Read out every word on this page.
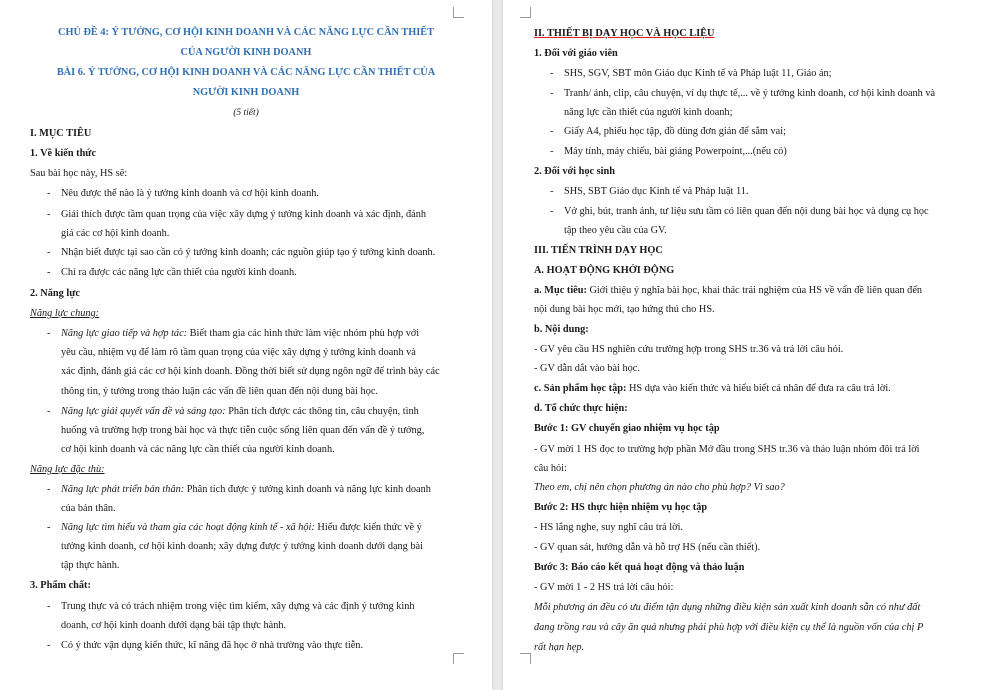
CHỦ ĐỀ 4: Ý TƯỞNG, CƠ HỘI KINH DOANH VÀ CÁC NĂNG LỰC CẦN THIẾT
CỦA NGƯỜI KINH DOANH
BÀI 6. Ý TƯỞNG, CƠ HỘI KINH DOANH VÀ CÁC NĂNG LỰC CẦN THIẾT CỦA
NGƯỜI KINH DOANH
(5 tiết)
I. MỤC TIÊU
1. Về kiến thức
Sau bài học này, HS sẽ:
- Nêu được thế nào là ý tưởng kinh doanh và cơ hội kinh doanh.
- Giải thích được tầm quan trọng của việc xây dựng ý tưởng kinh doanh và xác định, đánh
giá các cơ hội kinh doanh.
- Nhận biết được tại sao cần có ý tưởng kinh doanh; các nguồn giúp tạo ý tưởng kinh doanh.
- Chỉ ra được các năng lực cần thiết của người kinh doanh.
2. Năng lực
Năng lực chung:
- Năng lực giao tiếp và hợp tác: Biết tham gia các hình thức làm việc nhóm phù hợp với
yêu cầu, nhiệm vụ để làm rõ tầm quan trọng của việc xây dựng ý tưởng kinh doanh và
xác định, đánh giá các cơ hội kinh doanh. Đồng thời biết sử dụng ngôn ngữ để trình bày các
thông tin, ý tưởng trong thảo luận các vấn đề liên quan đến nội dung bài học.
- Năng lực giải quyết vấn đề và sáng tạo: Phân tích được các thông tin, câu chuyện, tình
huống và trường hợp trong bài học và thực tiễn cuộc sống liên quan đến vấn đề ý tưởng,
cơ hội kinh doanh và các năng lực cần thiết của người kinh doanh.
Năng lực đặc thù:
- Năng lực phát triển bản thân: Phân tích được ý tưởng kinh doanh và năng lực kinh doanh
của bản thân.
- Năng lực tìm hiểu và tham gia các hoạt động kinh tế - xã hội: Hiểu được kiến thức về ý
tưởng kinh doanh, cơ hội kinh doanh; xây dựng được ý tưởng kinh doanh dưới dạng bài
tập thực hành.
3. Phẩm chất:
- Trung thực và có trách nhiệm trong việc tìm kiếm, xây dựng và các định ý tưởng kinh
doanh, cơ hội kinh doanh dưới dạng bài tập thực hành.
- Có ý thức vận dụng kiến thức, kĩ năng đã học ở nhà trường vào thực tiễn.
II. THIẾT BỊ DẠY HỌC VÀ HỌC LIỆU
1. Đối với giáo viên
- SHS, SGV, SBT môn Giáo dục Kinh tế và Pháp luật 11, Giáo án;
- Tranh/ ảnh, clip, câu chuyện, ví dụ thực tế,... về ý tưởng kinh doanh, cơ hội kinh doanh và
năng lực cần thiết của người kinh doanh;
- Giấy A4, phiếu học tập, đồ dùng đơn giản để sắm vai;
- Máy tính, máy chiếu, bài giảng Powerpoint,...(nếu có)
2. Đối với học sinh
- SHS, SBT Giáo dục Kinh tế và Pháp luật 11.
- Vở ghi, bút, tranh ảnh, tư liệu sưu tầm có liên quan đến nội dung bài học và dụng cụ học
tập theo yêu cầu của GV.
III. TIẾN TRÌNH DẠY HỌC
A. HOẠT ĐỘNG KHỞI ĐỘNG
a. Mục tiêu: Giới thiệu ý nghĩa bài học, khai thác trải nghiệm của HS về vấn đề liên quan đến
nội dung bài học mới, tạo hứng thú cho HS.
b. Nội dung:
- GV yêu cầu HS nghiên cứu trường hợp trong SHS tr.36 và trả lời câu hỏi.
- GV dẫn dắt vào bài học.
c. Sản phẩm học tập: HS dựa vào kiến thức và hiểu biết cá nhân để đưa ra câu trả lời.
d. Tổ chức thực hiện:
Bước 1: GV chuyển giao nhiệm vụ học tập
- GV mời 1 HS đọc to trường hợp phần Mở đầu trong SHS tr.36 và thảo luận nhóm đôi trả lời
câu hỏi:
Theo em, chị nên chọn phương án nào cho phù hợp? Vì sao?
Bước 2: HS thực hiện nhiệm vụ học tập
- HS lắng nghe, suy nghĩ câu trả lời.
- GV quan sát, hướng dẫn và hỗ trợ HS (nếu cần thiết).
Bước 3: Báo cáo kết quả hoạt động và thảo luận
- GV mời 1 - 2 HS trả lời câu hỏi:
Mỗi phương án đều có ưu điểm tận dụng những điều kiện sản xuất kinh doanh sẵn có như đất
đang trồng rau và cây ăn quả nhưng phải phù hợp với điều kiện cụ thể là nguồn vốn của chị P
rất hạn hẹp.
